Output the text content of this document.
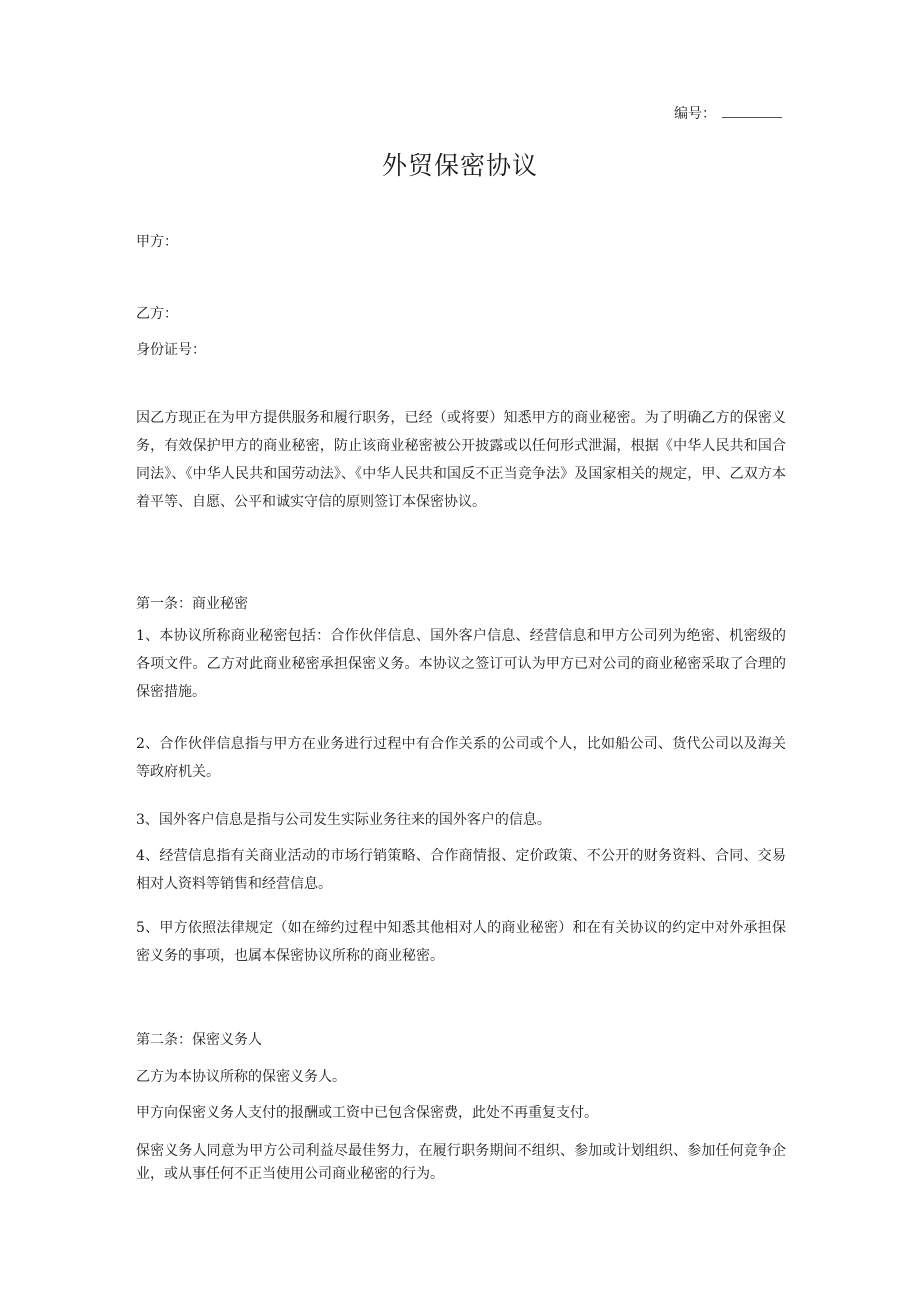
编号：
外贸保密协议
甲方：
乙方：
身份证号：
因乙方现正在为甲方提供服务和履行职务，已经（或将要）知悉甲方的商业秘密。为了明确乙方的保密义务，有效保护甲方的商业秘密，防止该商业秘密被公开披露或以任何形式泄漏，根据《中华人民共和国合同法》、《中华人民共和国劳动法》、《中华人民共和国反不正当竞争法》及国家相关的规定，甲、乙双方本着平等、自愿、公平和诚实守信的原则签订本保密协议。
第一条：商业秘密
1、本协议所称商业秘密包括：合作伙伴信息、国外客户信息、经营信息和甲方公司列为绝密、机密级的各项文件。乙方对此商业秘密承担保密义务。本协议之签订可认为甲方已对公司的商业秘密采取了合理的保密措施。
2、合作伙伴信息指与甲方在业务进行过程中有合作关系的公司或个人，比如船公司、货代公司以及海关等政府机关。
3、国外客户信息是指与公司发生实际业务往来的国外客户的信息。
4、经营信息指有关商业活动的市场行销策略、合作商情报、定价政策、不公开的财务资料、合同、交易相对人资料等销售和经营信息。
5、甲方依照法律规定（如在缔约过程中知悉其他相对人的商业秘密）和在有关协议的约定中对外承担保密义务的事项，也属本保密协议所称的商业秘密。
第二条：保密义务人
乙方为本协议所称的保密义务人。
甲方向保密义务人支付的报酬或工资中已包含保密费，此处不再重复支付。
保密义务人同意为甲方公司利益尽最佳努力，在履行职务期间不组织、参加或计划组织、参加任何竞争企业，或从事任何不正当使用公司商业秘密的行为。
